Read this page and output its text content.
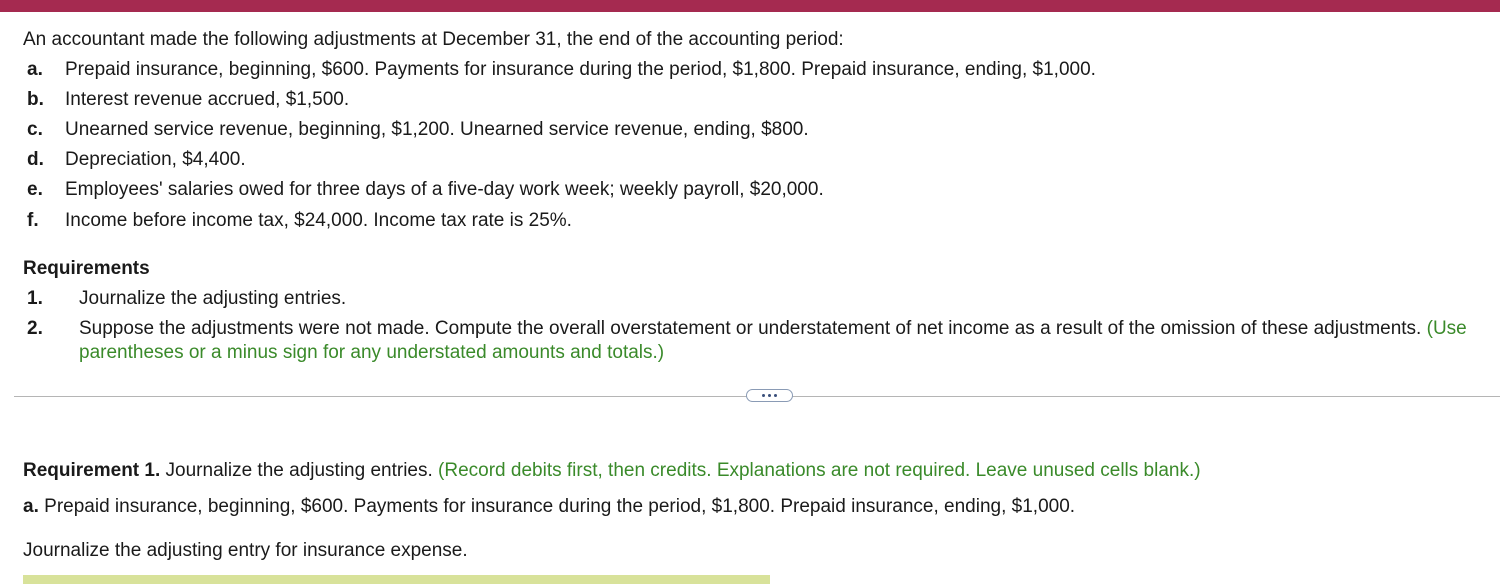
An accountant made the following adjustments at December 31, the end of the accounting period:
a. Prepaid insurance, beginning, $600. Payments for insurance during the period, $1,800. Prepaid insurance, ending, $1,000.
b. Interest revenue accrued, $1,500.
c. Unearned service revenue, beginning, $1,200. Unearned service revenue, ending, $800.
d. Depreciation, $4,400.
e. Employees' salaries owed for three days of a five-day work week; weekly payroll, $20,000.
f. Income before income tax, $24,000. Income tax rate is 25%.
Requirements
1. Journalize the adjusting entries.
2. Suppose the adjustments were not made. Compute the overall overstatement or understatement of net income as a result of the omission of these adjustments. (Use
parentheses or a minus sign for any understated amounts and totals.)
Requirement 1. Journalize the adjusting entries. (Record debits first, then credits. Explanations are not required. Leave unused cells blank.)
a. Prepaid insurance, beginning, $600. Payments for insurance during the period, $1,800. Prepaid insurance, ending, $1,000.
Journalize the adjusting entry for insurance expense.
